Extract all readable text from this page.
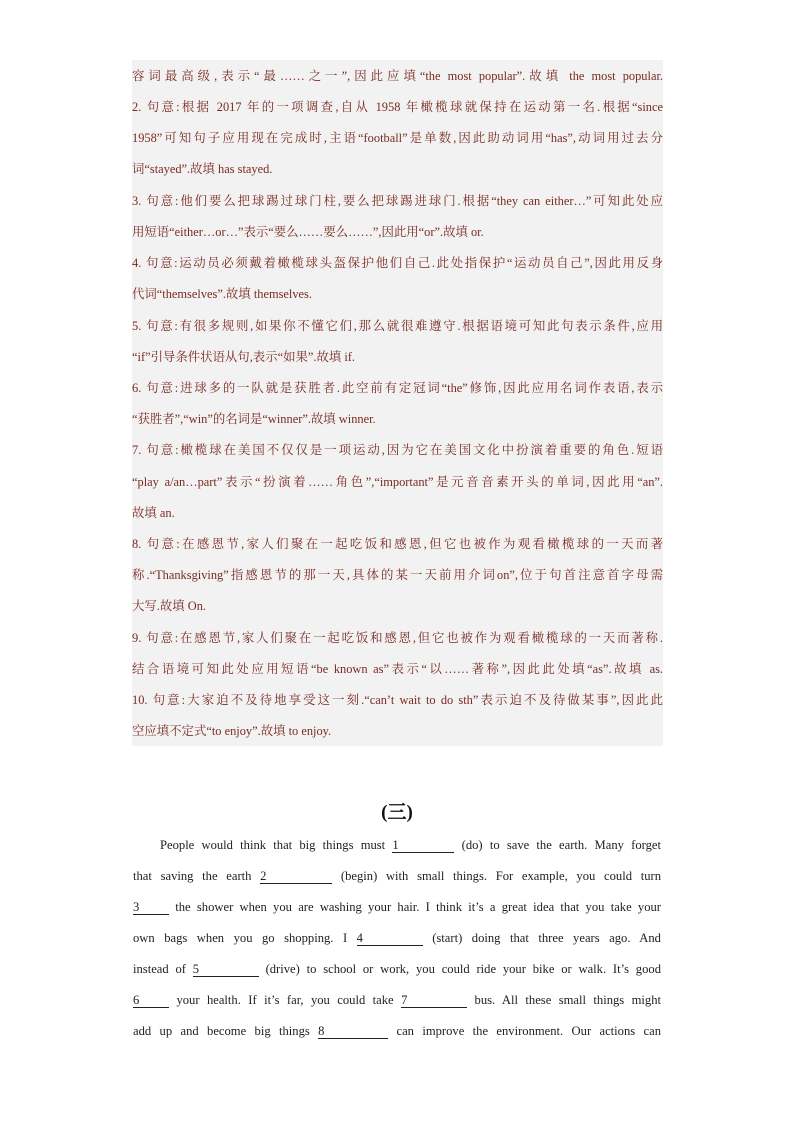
容词最高级,表示“最……之一”,因此应填“the most popular”.故填 the most popular.
2. 句意:根据 2017 年的一项调查,自从 1958 年橄榄球就保持在运动第一名.根据“since
1958”可知句子应用现在完成时,主语“football”是单数,因此助动词用“has”,动词用过去分
词“stayed”.故填 has stayed.
3. 句意:他们要么把球踢过球门柱,要么把球踢进球门.根据“they can either…”可知此处应
用短语“either…or…”表示“要么……要么……”,因此用“or”.故填 or.
4. 句意:运动员必须戴着橄榄球头盔保护他们自己.此处指保护“运动员自己”,因此用反身
代词“themselves”.故填 themselves.
5. 句意:有很多规则,如果你不懂它们,那么就很难遵守.根据语境可知此句表示条件,应用
“if”引导条件状语从句,表示“如果”.故填 if.
6. 句意:进球多的一队就是获胜者.此空前有定冠词“the”修饰,因此应用名词作表语,表示
“获胜者”,“win”的名词是“winner”.故填 winner.
7. 句意:橄榄球在美国不仅仅是一项运动,因为它在美国文化中扮演着重要的角色.短语
“play a/an…part”表示“扮演着……角色”,“important”是元音音素开头的单词,因此用“an”.
故填 an.
8. 句意:在感恩节,家人们聚在一起吃饭和感恩,但它也被作为观看橄榄球的一天而著
称.“Thanksgiving”指感恩节的那一天,具体的某一天前用介词on”,位于句首注意首字母需
大写.故填 On.
9. 句意:在感恩节,家人们聚在一起吃饭和感恩,但它也被作为观看橄榄球的一天而著称.
结合语境可知此处应用短语“be known as”表示“以……著称”,因此此处填“as”.故填 as.
10. 句意:大家迫不及待地享受这一刻.“can’t wait to do sth”表示迫不及待做某事”,因此此
空应填不定式“to enjoy”.故填 to enjoy.
(三)
People would think that big things must 1	(do) to save the earth. Many forget
that saving the earth 2	(begin) with small things. For example, you could turn
3	the shower when you are washing your hair. I think it’s a great idea that you take your
own bags when you go shopping. I 4	(start) doing that three years ago. And
instead of 5	(drive) to school or work, you could ride your bike or walk. It’s good
6	your health. If it’s far, you could take 7	bus. All these small things might
add up and become big things 8	can improve the environment. Our actions can
